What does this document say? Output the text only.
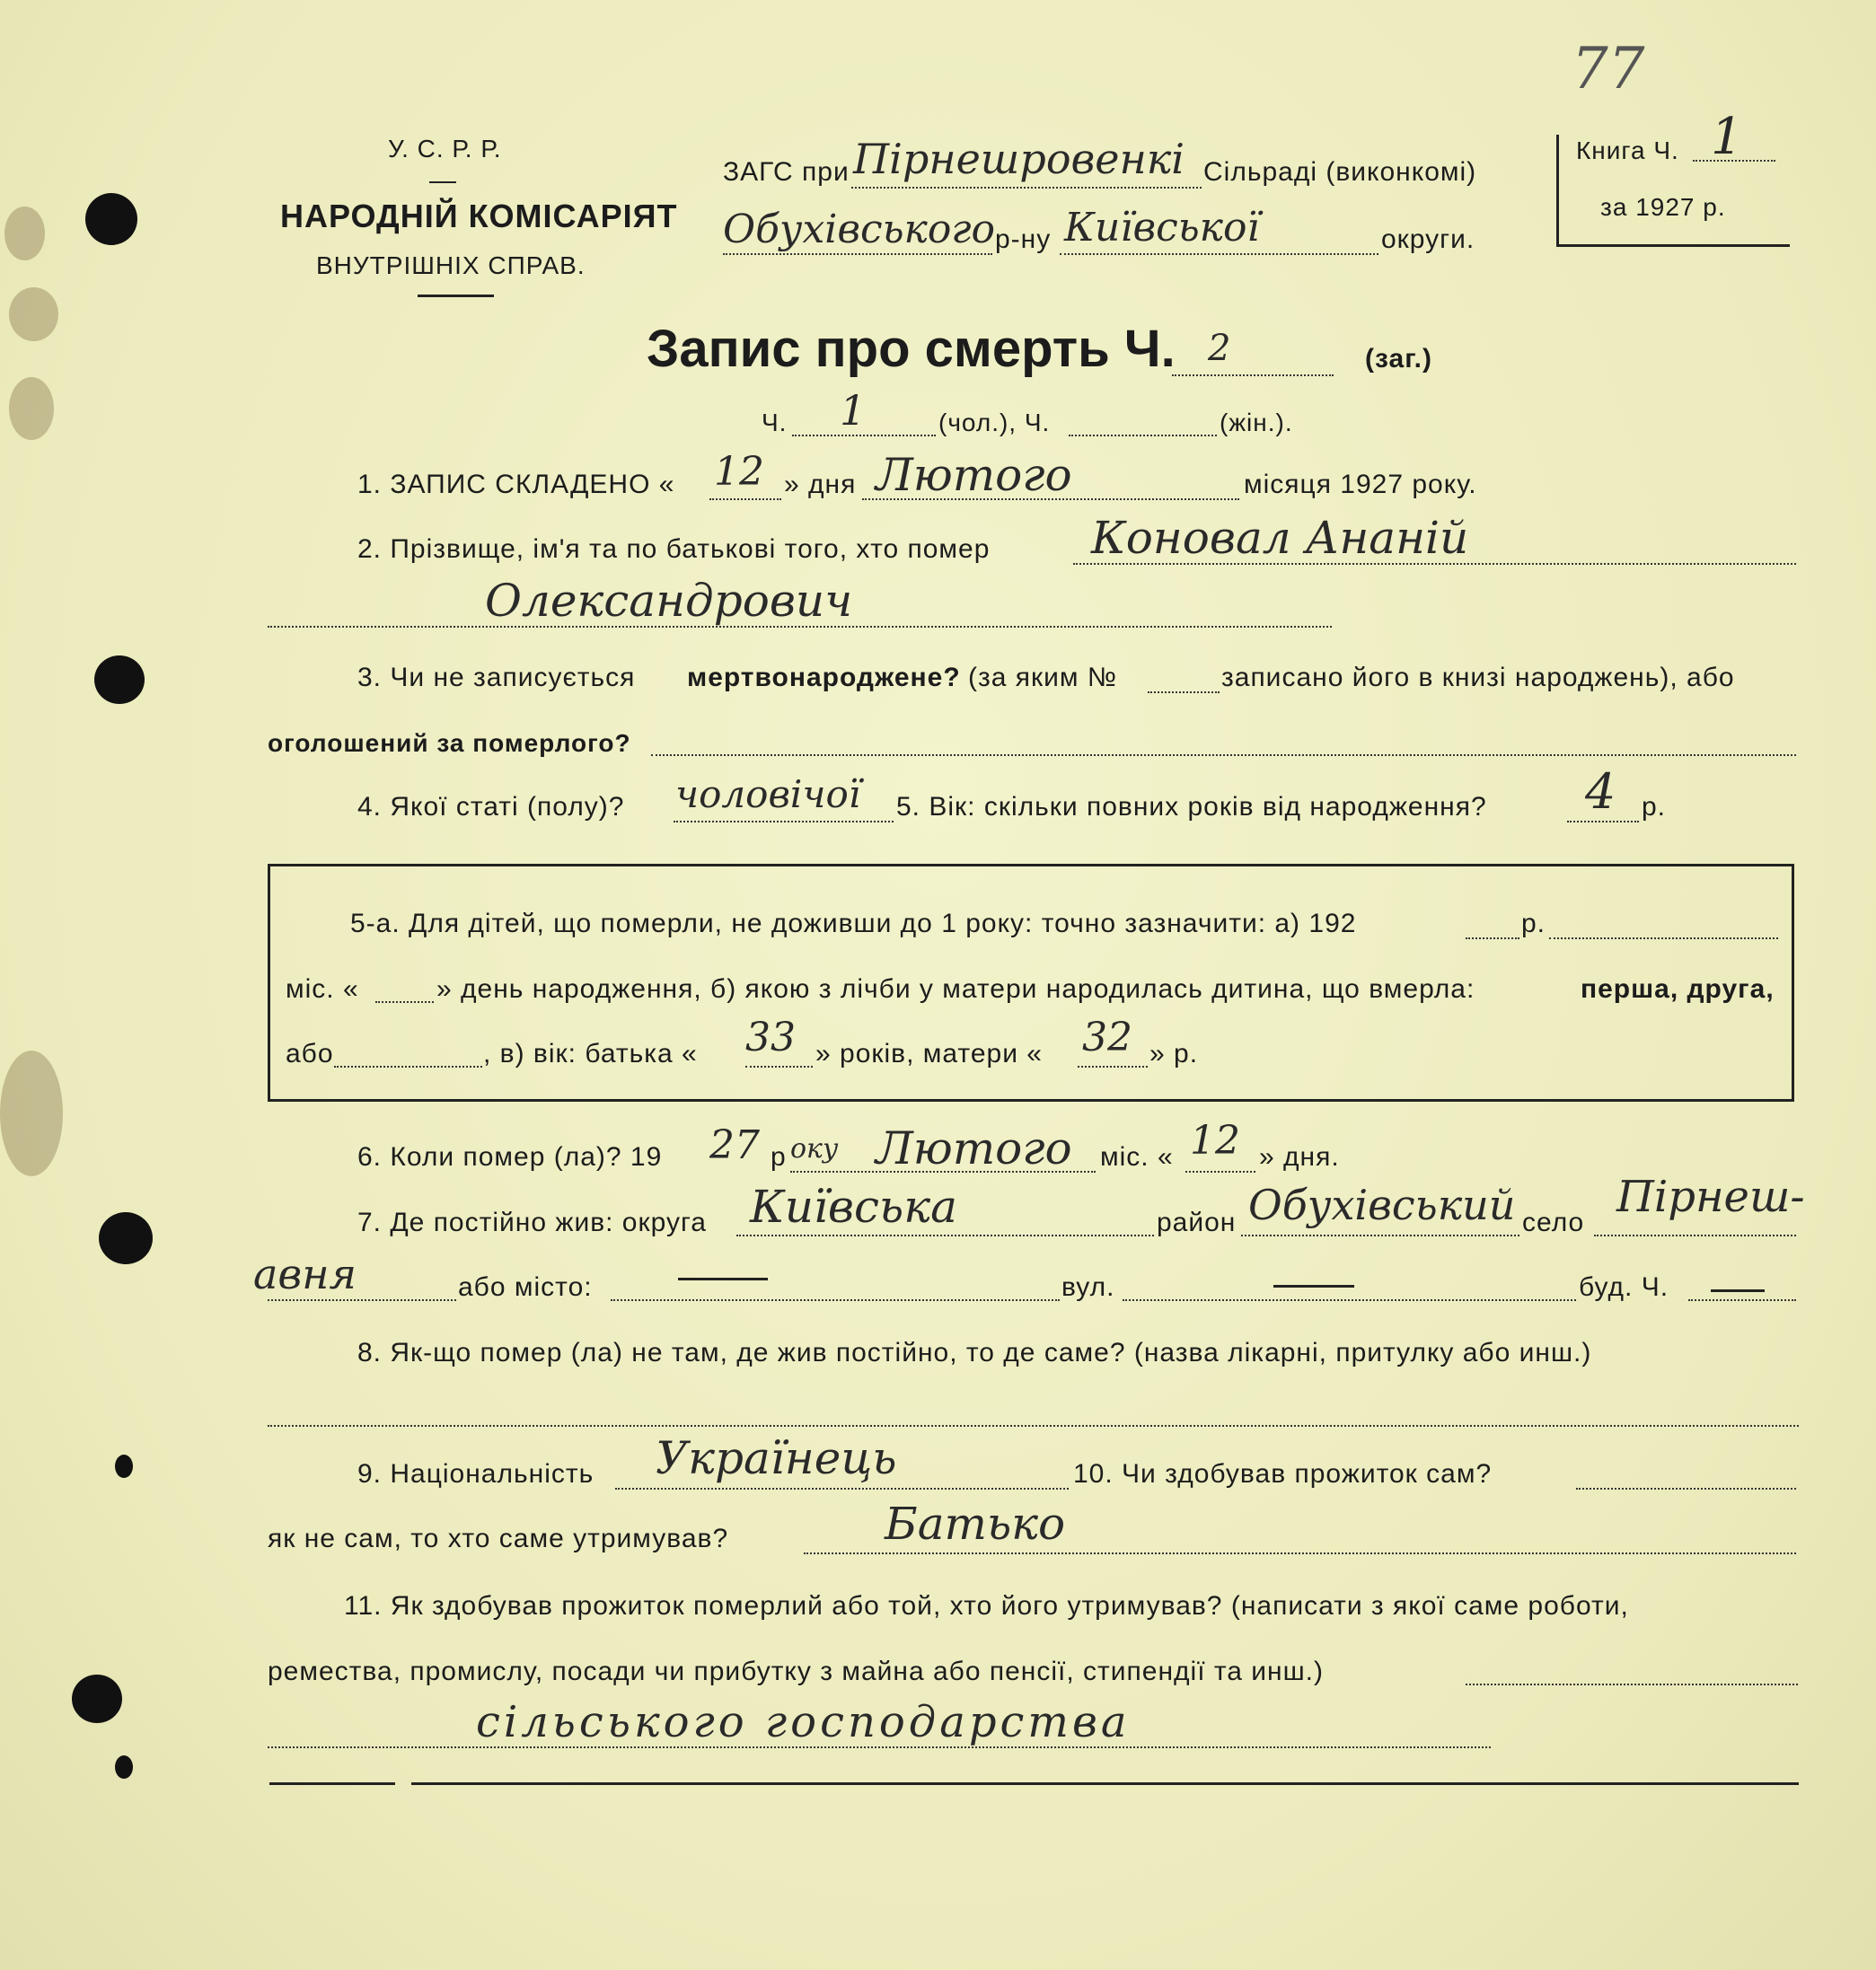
У. С. Р. Р.
НАРОДНІЙ КОМІСАРІЯТ
ВНУТРІШНІХ СПРАВ.
ЗАГС при Пірнешровенкі Сільраді (виконкомі)
Обухівського р-ну Київської	округи.
77
Книга Ч. 1
за 1927 р.
Запис про смерть Ч. 2	(заг.)
Ч. 1	(чол.), Ч.	(жін.).
1. ЗАПИС СКЛАДЕНО « 12 » дня Лютого	місяця 1927 року.
2. Прізвище, ім'я та по батькові того, хто помер Коновал Ананій
Олександрович
3. Чи не записується мертвонароджене? (за яким №	записано його в книзі народжень), або
оголошений за померлого?
4. Якої статі (полу)? чоловічої 5. Вік: скільки повних років від народження? 4 р.
5-а. Для дітей, що померли, не доживши до 1 року: точно зазначити: а) 192	р.
міс. «	» день народження, б) якою з лічби у матери народилась дитина, що вмерла:	перша, друга,
або	, в) вік: батька « 33 » років, матери « 32 » р.
6. Коли помер (ла)? 19 27 р оку Лютого міс. « 12 » дня.
7. Де постійно жив: округа Київська	район Обухівський село
Пірнеш-
авня	або місто:	вул.	буд. Ч.
8. Як-що помер (ла) не там, де жив постійно, то де саме? (назва лікарні, притулку або инш.)
9. Національність Українець	10. Чи здобував прожиток сам?
як не сам, то хто саме утримував?	Батько
11. Як здобував прожиток померлий або той, хто його утримував? (написати з якої саме роботи,
ремества, промислу, посади чи прибутку з майна або пенсії, стипендії та инш.)
сільського господарства
